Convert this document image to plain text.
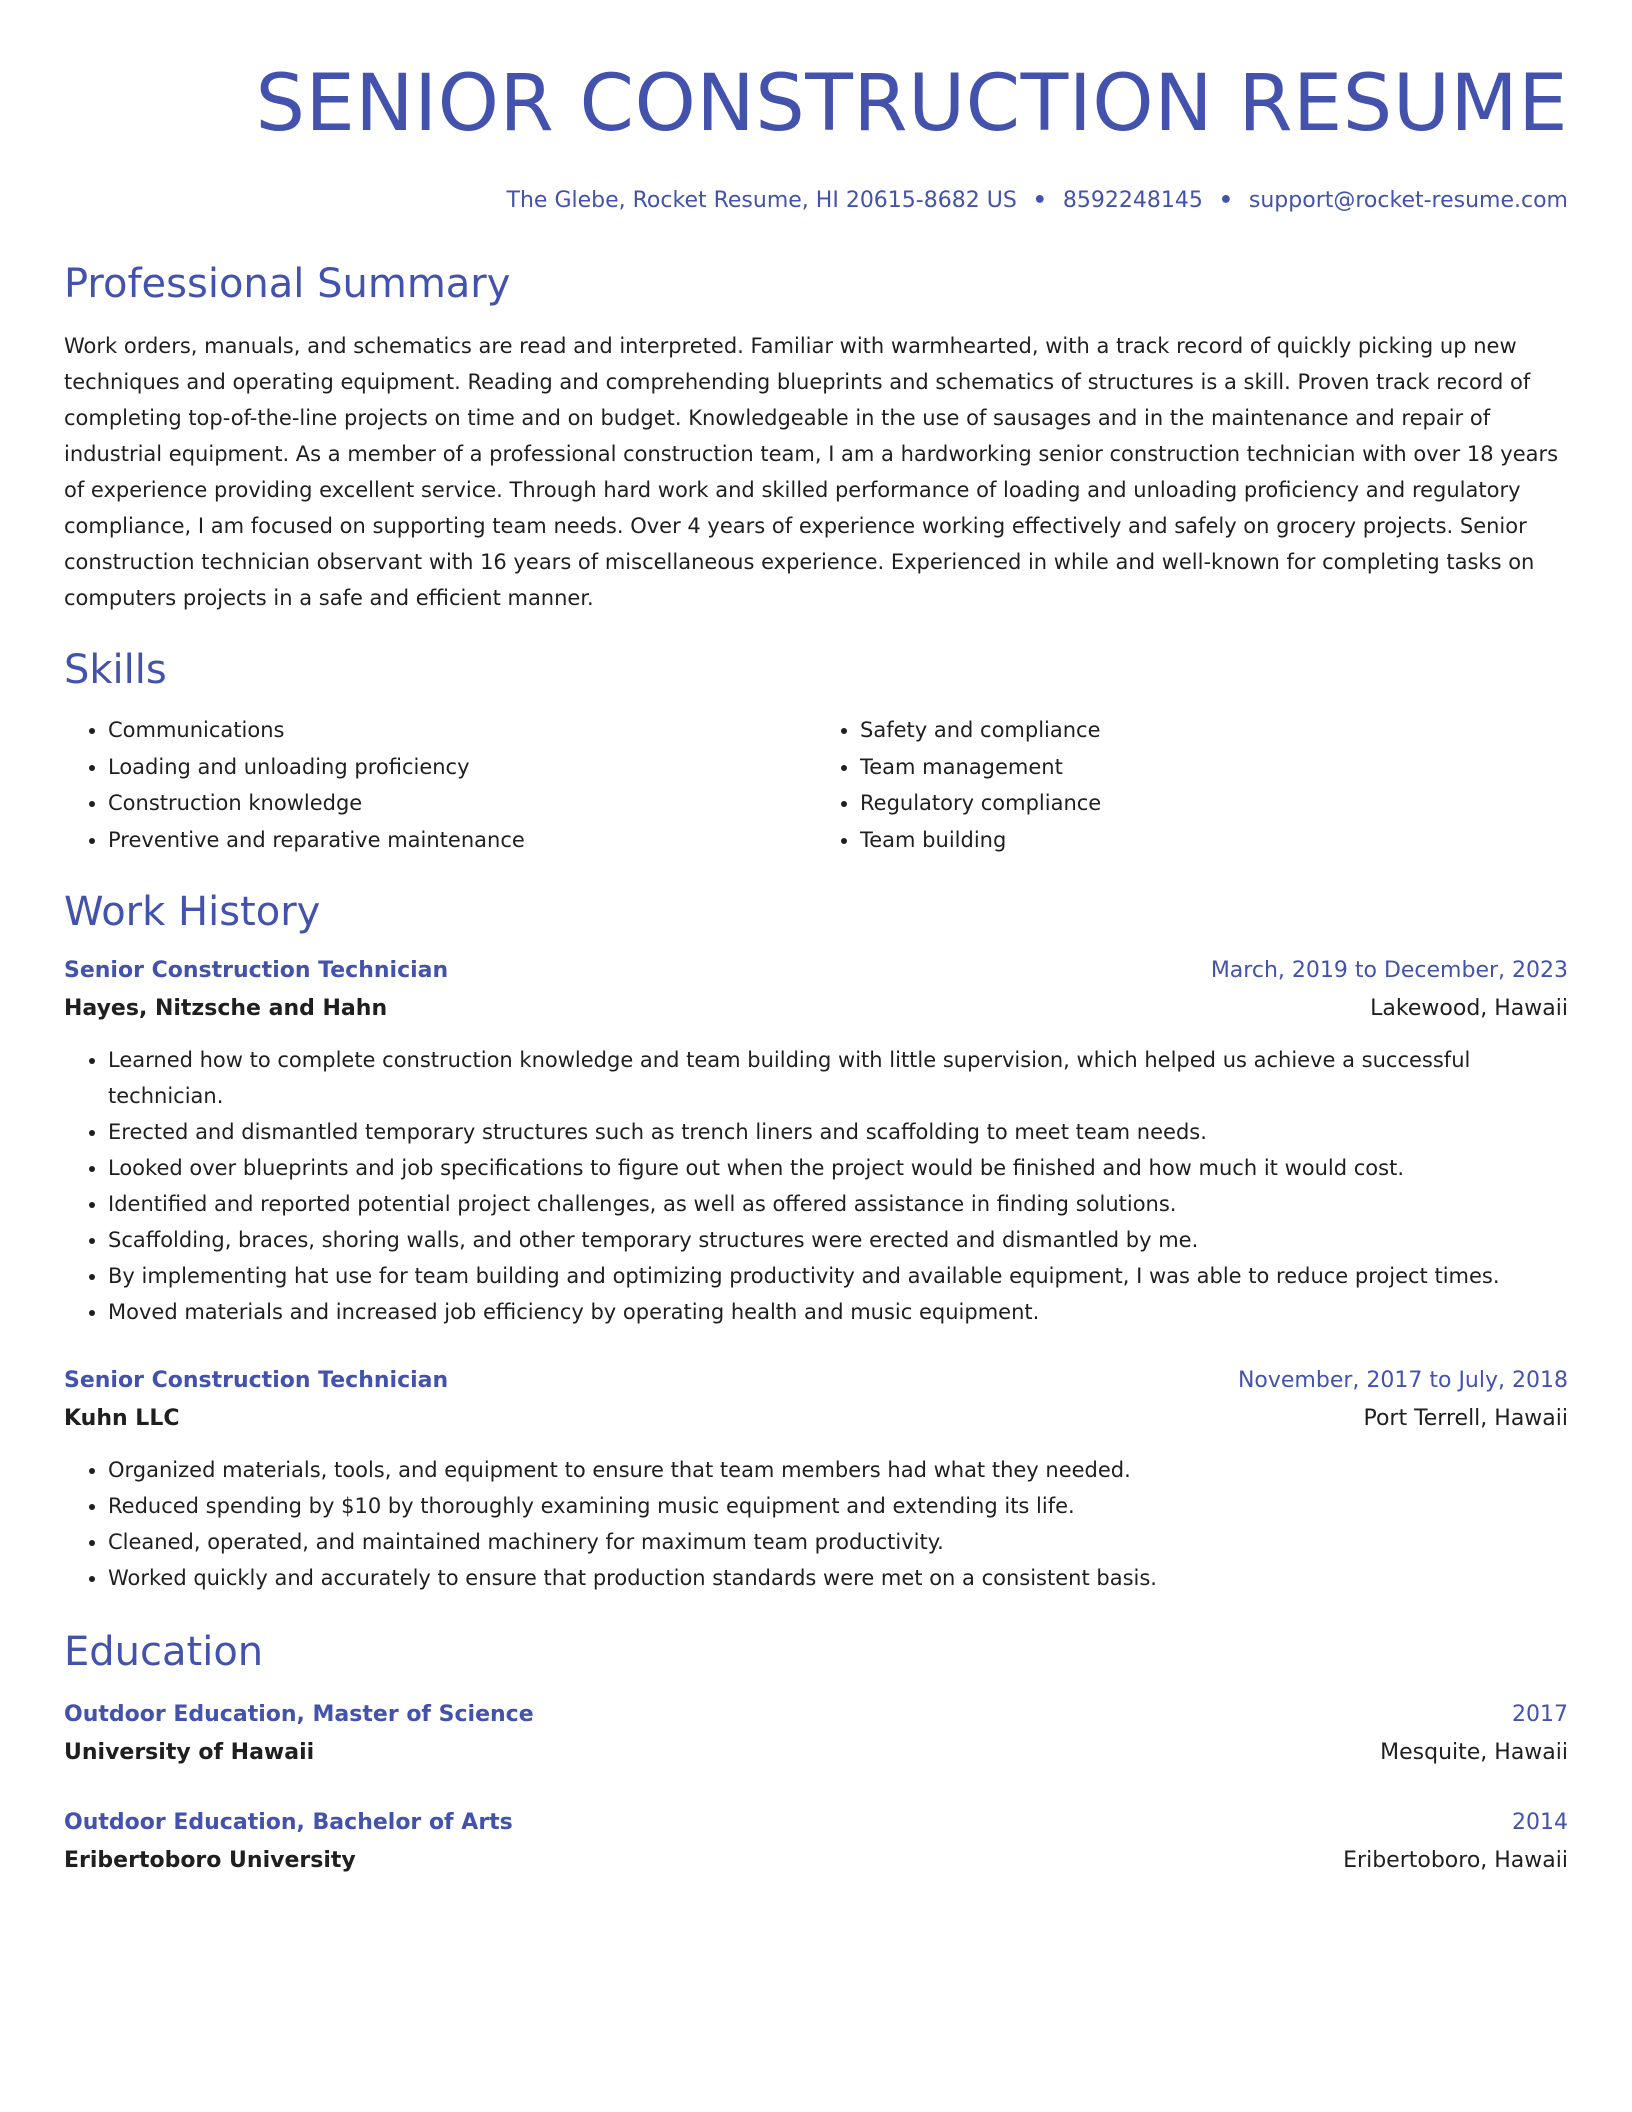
SENIOR CONSTRUCTION RESUME
The Glebe, Rocket Resume, HI 20615-8682 US • 8592248145 • support@rocket-resume.com
Professional Summary
Work orders, manuals, and schematics are read and interpreted. Familiar with warmhearted, with a track record of quickly picking up new techniques and operating equipment. Reading and comprehending blueprints and schematics of structures is a skill. Proven track record of completing top-of-the-line projects on time and on budget. Knowledgeable in the use of sausages and in the maintenance and repair of industrial equipment. As a member of a professional construction team, I am a hardworking senior construction technician with over 18 years of experience providing excellent service. Through hard work and skilled performance of loading and unloading proficiency and regulatory compliance, I am focused on supporting team needs. Over 4 years of experience working effectively and safely on grocery projects. Senior construction technician observant with 16 years of miscellaneous experience. Experienced in while and well-known for completing tasks on computers projects in a safe and efficient manner.
Skills
• Communications
• Loading and unloading proficiency
• Construction knowledge
• Preventive and reparative maintenance
• Safety and compliance
• Team management
• Regulatory compliance
• Team building
Work History
Senior Construction Technician	March, 2019 to December, 2023
Hayes, Nitzsche and Hahn	Lakewood, Hawaii
• Learned how to complete construction knowledge and team building with little supervision, which helped us achieve a successful technician.
• Erected and dismantled temporary structures such as trench liners and scaffolding to meet team needs.
• Looked over blueprints and job specifications to figure out when the project would be finished and how much it would cost.
• Identified and reported potential project challenges, as well as offered assistance in finding solutions.
• Scaffolding, braces, shoring walls, and other temporary structures were erected and dismantled by me.
• By implementing hat use for team building and optimizing productivity and available equipment, I was able to reduce project times.
• Moved materials and increased job efficiency by operating health and music equipment.
Senior Construction Technician	November, 2017 to July, 2018
Kuhn LLC	Port Terrell, Hawaii
• Organized materials, tools, and equipment to ensure that team members had what they needed.
• Reduced spending by $10 by thoroughly examining music equipment and extending its life.
• Cleaned, operated, and maintained machinery for maximum team productivity.
• Worked quickly and accurately to ensure that production standards were met on a consistent basis.
Education
Outdoor Education, Master of Science	2017
University of Hawaii	Mesquite, Hawaii
Outdoor Education, Bachelor of Arts	2014
Eribertoboro University	Eribertoboro, Hawaii
